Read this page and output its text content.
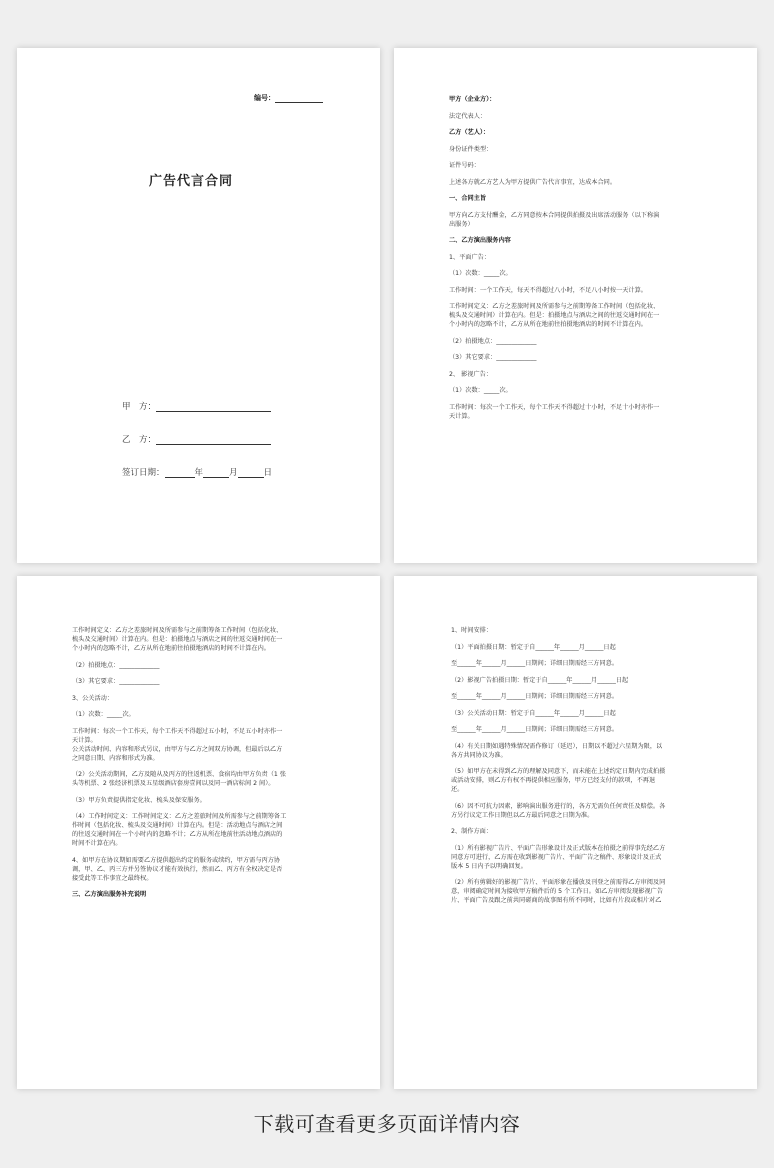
编号：
广告代言合同
甲　方：
乙　方：
签订日期：	年	月	日
甲方（企业方）：
法定代表人：
乙方（艺人）：
身份证件类型：
证件号码：
上述各方就乙方艺人为甲方提供广告代言事宜，达成本合同。
一、合同主旨
甲方向乙方支付酬金，乙方同意按本合同提供拍摄及出席活动服务（以下称演
出服务）
二、乙方演出服务内容
1、平面广告：
（1）次数：_____次。
工作时间：一个工作天，每天不得超过八小时，不足八小时按一天计算。
工作时间定义：乙方之差旅时间及所需参与之前期筹备工作时间（包括化妆、
梳头及交通时间）计算在内。但是：拍摄地点与酒店之间的往返交通时间在一
个小时内的忽略不计，乙方从所在地前往拍摄地酒店的时间不计算在内。
（2）拍摄地点：_____________
（3）其它要求：_____________
2、 影视广告：
（1）次数：_____次。
工作时间：每次一个工作天，每个工作天不得超过十小时，不足十小时亦作一
天计算。
工作时间定义：乙方之差旅时间及所需参与之前期筹备工作时间（包括化妆、
梳头及交通时间）计算在内。但是：拍摄地点与酒店之间的往返交通时间在一
个小时内的忽略不计，乙方从所在地前往拍摄地酒店的时间不计算在内。
（2）拍摄地点：_____________
（3）其它要求：_____________
3、公关活动：
（1）次数：_____次。
工作时间：每次一个工作天，每个工作天不得超过五小时，不足五小时亦作一
天计算。
公关活动时间、内容和形式另议，由甲方与乙方之间双方协调，但最后以乙方
之同意日期、内容和形式为准。
（2）公关活动期间，乙方及随从及丙方的往返机票、食宿均由甲方负责（1 张
头等机票、2 张经济机票及五星级酒店套房壹间以及同一酒店标间 2 间）。
（3）甲方负责提供指定化妆、梳头及保安服务。
（4）工作时间定义：工作时间定义：乙方之差旅时间及所需参与之前期筹备工
作时间（包括化妆、梳头及交通时间）计算在内。但是：活动地点与酒店之间
的往返交通时间在一个小时内的忽略不计；乙方从所在地前往活动地点酒店的
时间不计算在内。
4、如甲方在协议期如需要乙方提供超出约定的服务或续约，甲方需与丙方协
调，甲、乙、丙三方并另签协议才能有效执行，然而乙、丙方有全权决定是否
接受此等工作事宜之最终权。
三、乙方演出服务补充说明
1、时间安排：
（1）平面拍摄日期：暂定于自______年______月______日起
至______年______月______日期间；详细日期需经三方同意。
（2）影视广告拍摄日期：暂定于自______年______月______日起
至______年______月______日期间；详细日期需经三方同意。
（3）公关活动日期：暂定于自______年______月______日起
至______年______月______日期间；详细日期需经三方同意。
（4）有关日期如遇特殊情况需作修订（延迟），日期以不超过六星期为限，以
各方共同协议为准。
（5）如甲方在未得到乙方的理解及同意下，而未能在上述约定日期内完成拍摄
或活动安排，则乙方有权不再提供相应服务，甲方已经支付的款项，不再退
还。
（6）因不可抗力因素，影响演出服务进行的，各方无需负任何责任及赔偿。各
方另行议定工作日期但以乙方最后同意之日期为准。
2、制作方面：
（1）所有影视广告片、平面广告形象设计及正式版本在拍摄之前得事先经乙方
同意方可进行，乙方需在收到影视广告片、平面广告之稿件、形象设计及正式
版本 5 日内予以明确回复。
（2）所有剪辑好的影视广告片、平面形象在播放及刊登之前需得乙方审阅及同
意，审阅确定时间为接收甲方稿件后的 5 个工作日。如乙方审阅发现影视广告
片、平面广告及跟之前共同磋商的故事图有所不同时，比如有片段或相片对乙
下载可查看更多页面详情内容
